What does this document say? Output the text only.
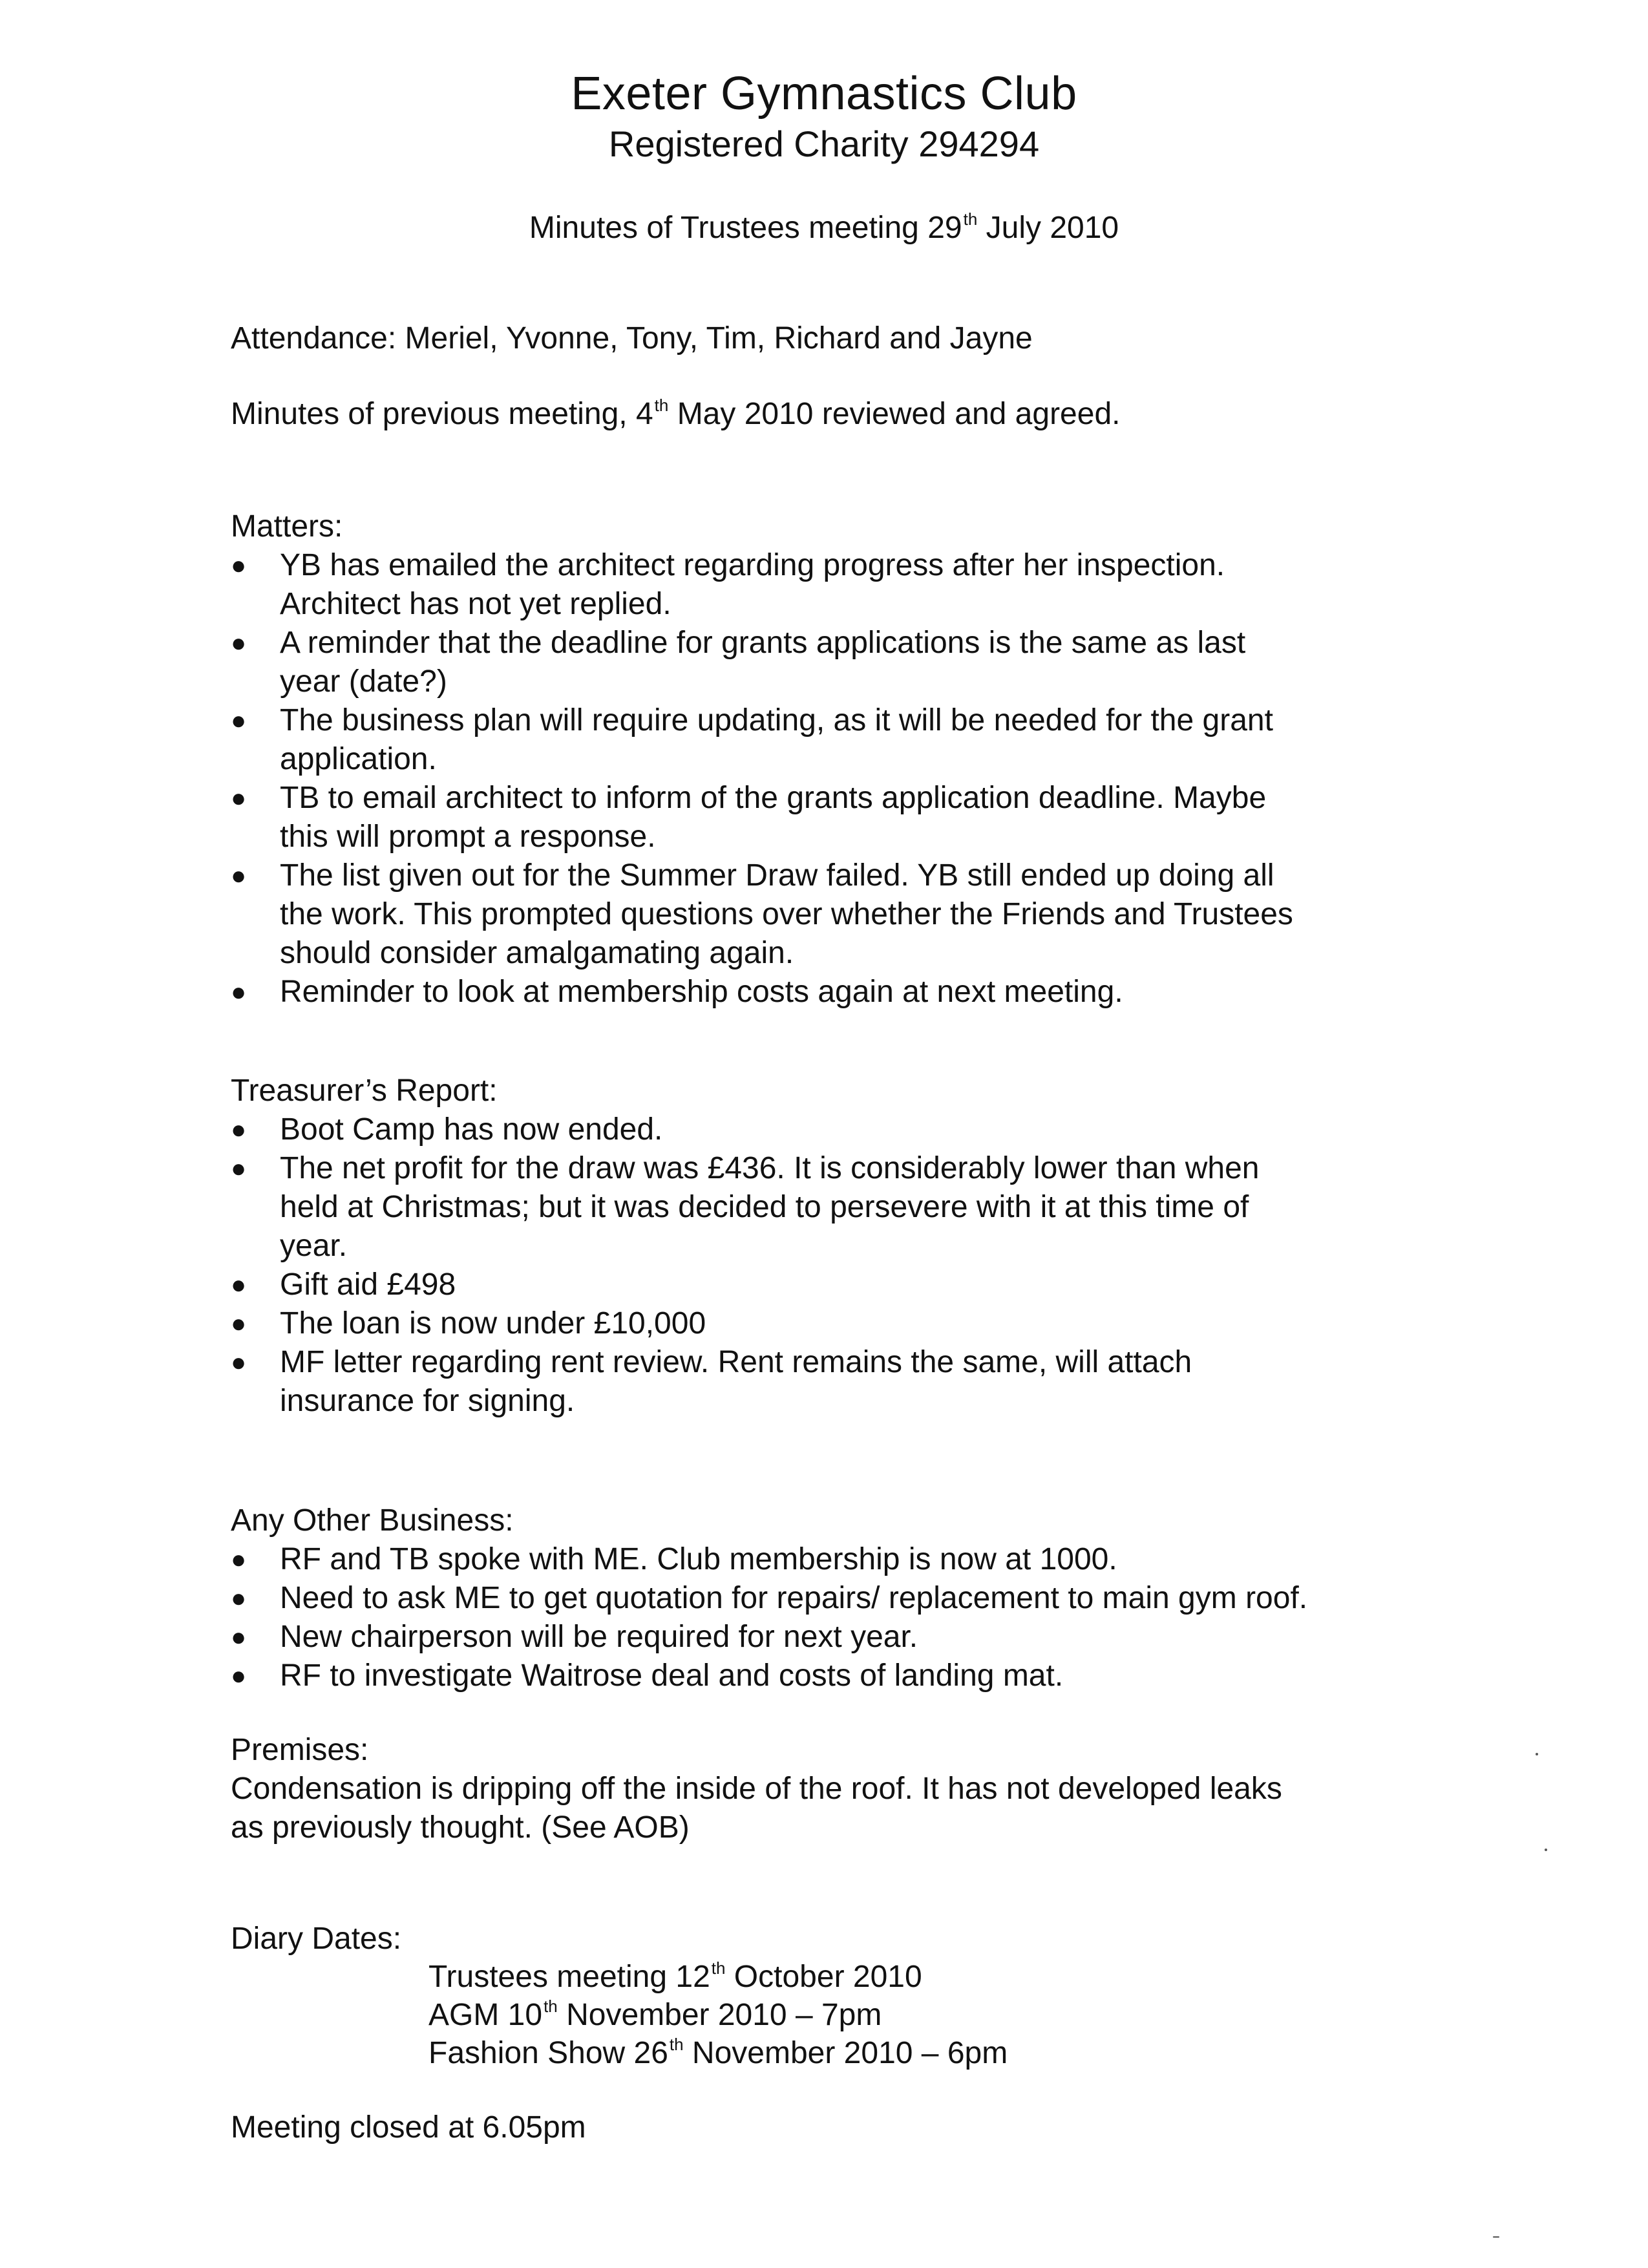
Exeter Gymnastics Club
Registered Charity 294294
Minutes of Trustees meeting 29th July 2010
Attendance: Meriel, Yvonne, Tony, Tim, Richard and Jayne
Minutes of previous meeting, 4th May 2010 reviewed and agreed.
Matters:
●	YB has emailed the architect regarding progress after her inspection.
Architect has not yet replied.
●	A reminder that the deadline for grants applications is the same as last
year (date?)
●	The business plan will require updating, as it will be needed for the grant
application.
●	TB to email architect to inform of the grants application deadline. Maybe
this will prompt a response.
●	The list given out for the Summer Draw failed. YB still ended up doing all
the work. This prompted questions over whether the Friends and Trustees
should consider amalgamating again.
●	Reminder to look at membership costs again at next meeting.
Treasurer’s Report:
●	Boot Camp has now ended.
●	The net profit for the draw was £436. It is considerably lower than when
held at Christmas; but it was decided to persevere with it at this time of
year.
●	Gift aid £498
●	The loan is now under £10,000
●	MF letter regarding rent review. Rent remains the same, will attach
insurance for signing.
Any Other Business:
●	RF and TB spoke with ME. Club membership is now at 1000.
●	Need to ask ME to get quotation for repairs/ replacement to main gym roof.
●	New chairperson will be required for next year.
●	RF to investigate Waitrose deal and costs of landing mat.
Premises:
Condensation is dripping off the inside of the roof. It has not developed leaks
as previously thought. (See AOB)
Diary Dates:
Trustees meeting 12th October 2010
AGM 10th November 2010 – 7pm
Fashion Show 26th November 2010 – 6pm
Meeting closed at 6.05pm
